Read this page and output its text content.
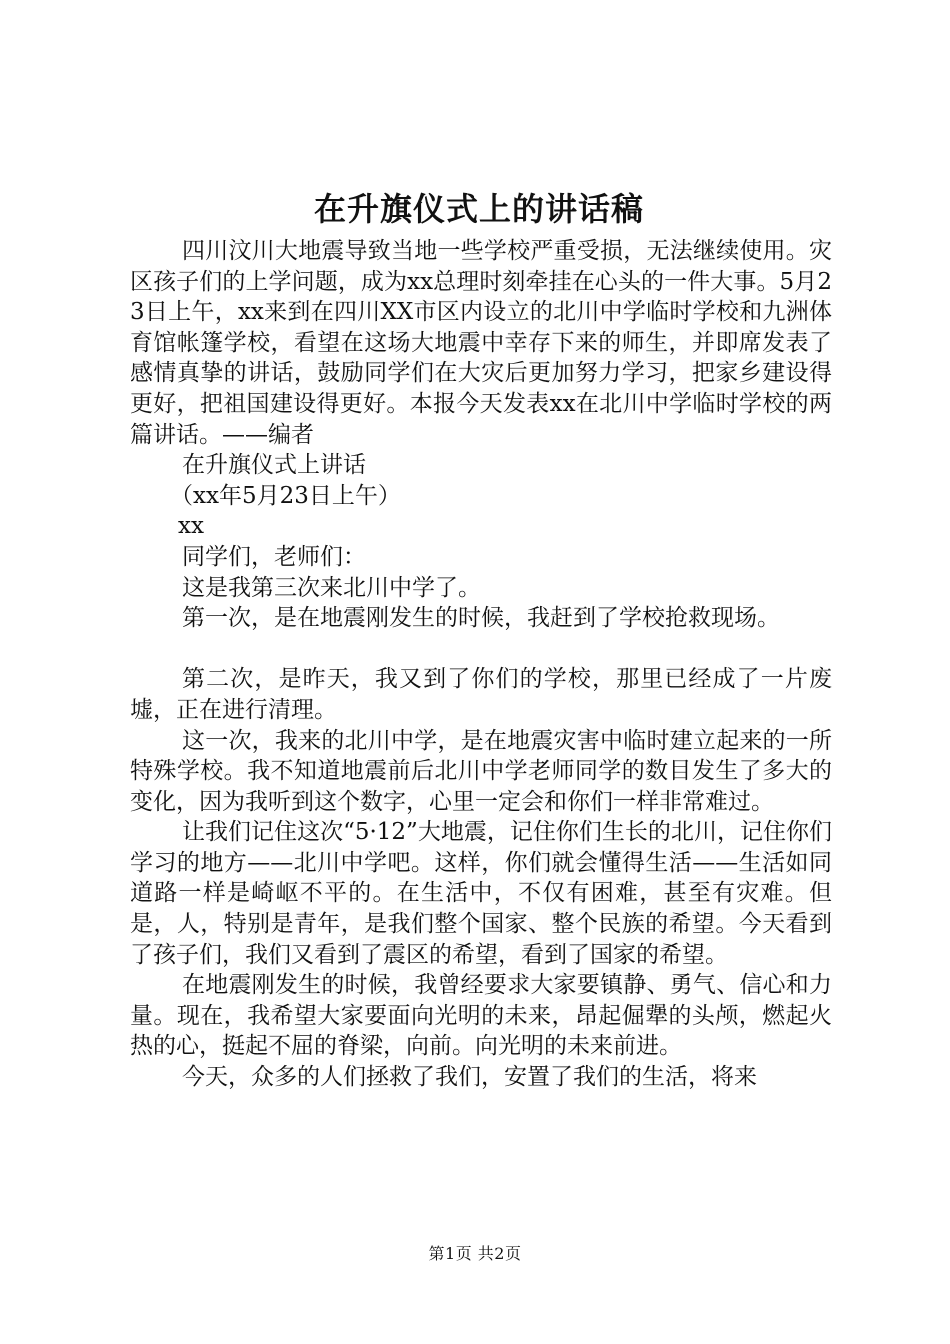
在升旗仪式上的讲话稿

四川汶川大地震导致当地一些学校严重受损，无法继续使用。灾区孩子们的上学问题，成为xx总理时刻牵挂在心头的一件大事。5月23日上午，xx来到在四川XX市区内设立的北川中学临时学校和九洲体育馆帐篷学校，看望在这场大地震中幸存下来的师生，并即席发表了感情真挚的讲话，鼓励同学们在大灾后更加努力学习，把家乡建设得更好，把祖国建设得更好。本报今天发表xx在北川中学临时学校的两篇讲话。——编者

在升旗仪式上讲话

（xx年5月23日上午）

xx

同学们，老师们：

这是我第三次来北川中学了。

第一次，是在地震刚发生的时候，我赶到了学校抢救现场。

第二次，是昨天，我又到了你们的学校，那里已经成了一片废墟，正在进行清理。

这一次，我来的北川中学，是在地震灾害中临时建立起来的一所特殊学校。我不知道地震前后北川中学老师同学的数目发生了多大的变化，因为我听到这个数字，心里一定会和你们一样非常难过。

让我们记住这次“5·12”大地震，记住你们生长的北川，记住你们学习的地方——北川中学吧。这样，你们就会懂得生活——生活如同道路一样是崎岖不平的。在生活中，不仅有困难，甚至有灾难。但是，人，特别是青年，是我们整个国家、整个民族的希望。今天看到了孩子们，我们又看到了震区的希望，看到了国家的希望。

在地震刚发生的时候，我曾经要求大家要镇静、勇气、信心和力量。现在，我希望大家要面向光明的未来，昂起倔犟的头颅，燃起火热的心，挺起不屈的脊梁，向前。向光明的未来前进。

今天，众多的人们拯救了我们，安置了我们的生活，将来

第1页 共2页
